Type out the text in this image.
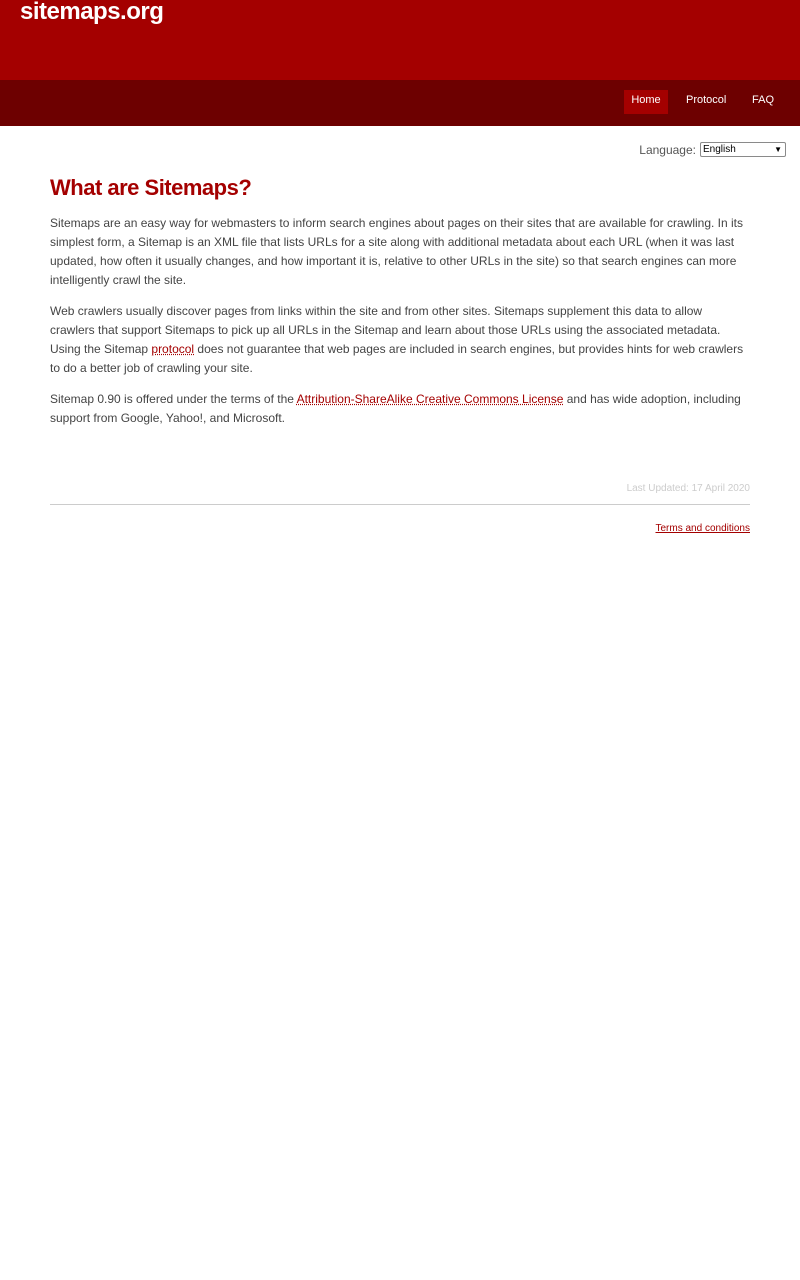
sitemaps.org
Home	Protocol	FAQ
Language: English	▼
What are Sitemaps?

Sitemaps are an easy way for webmasters to inform search engines about pages on their sites that are available for crawling. In its simplest form, a Sitemap is an XML file that lists URLs for a site along with additional metadata about each URL (when it was last updated, how often it usually changes, and how important it is, relative to other URLs in the site) so that search engines can more intelligently crawl the site.

Web crawlers usually discover pages from links within the site and from other sites. Sitemaps supplement this data to allow crawlers that support Sitemaps to pick up all URLs in the Sitemap and learn about those URLs using the associated metadata. Using the Sitemap protocol does not guarantee that web pages are included in search engines, but provides hints for web crawlers to do a better job of crawling your site.

Sitemap 0.90 is offered under the terms of the Attribution-ShareAlike Creative Commons License and has wide adoption, including support from Google, Yahoo!, and Microsoft.

Last Updated: 17 April 2020
Terms and conditions
